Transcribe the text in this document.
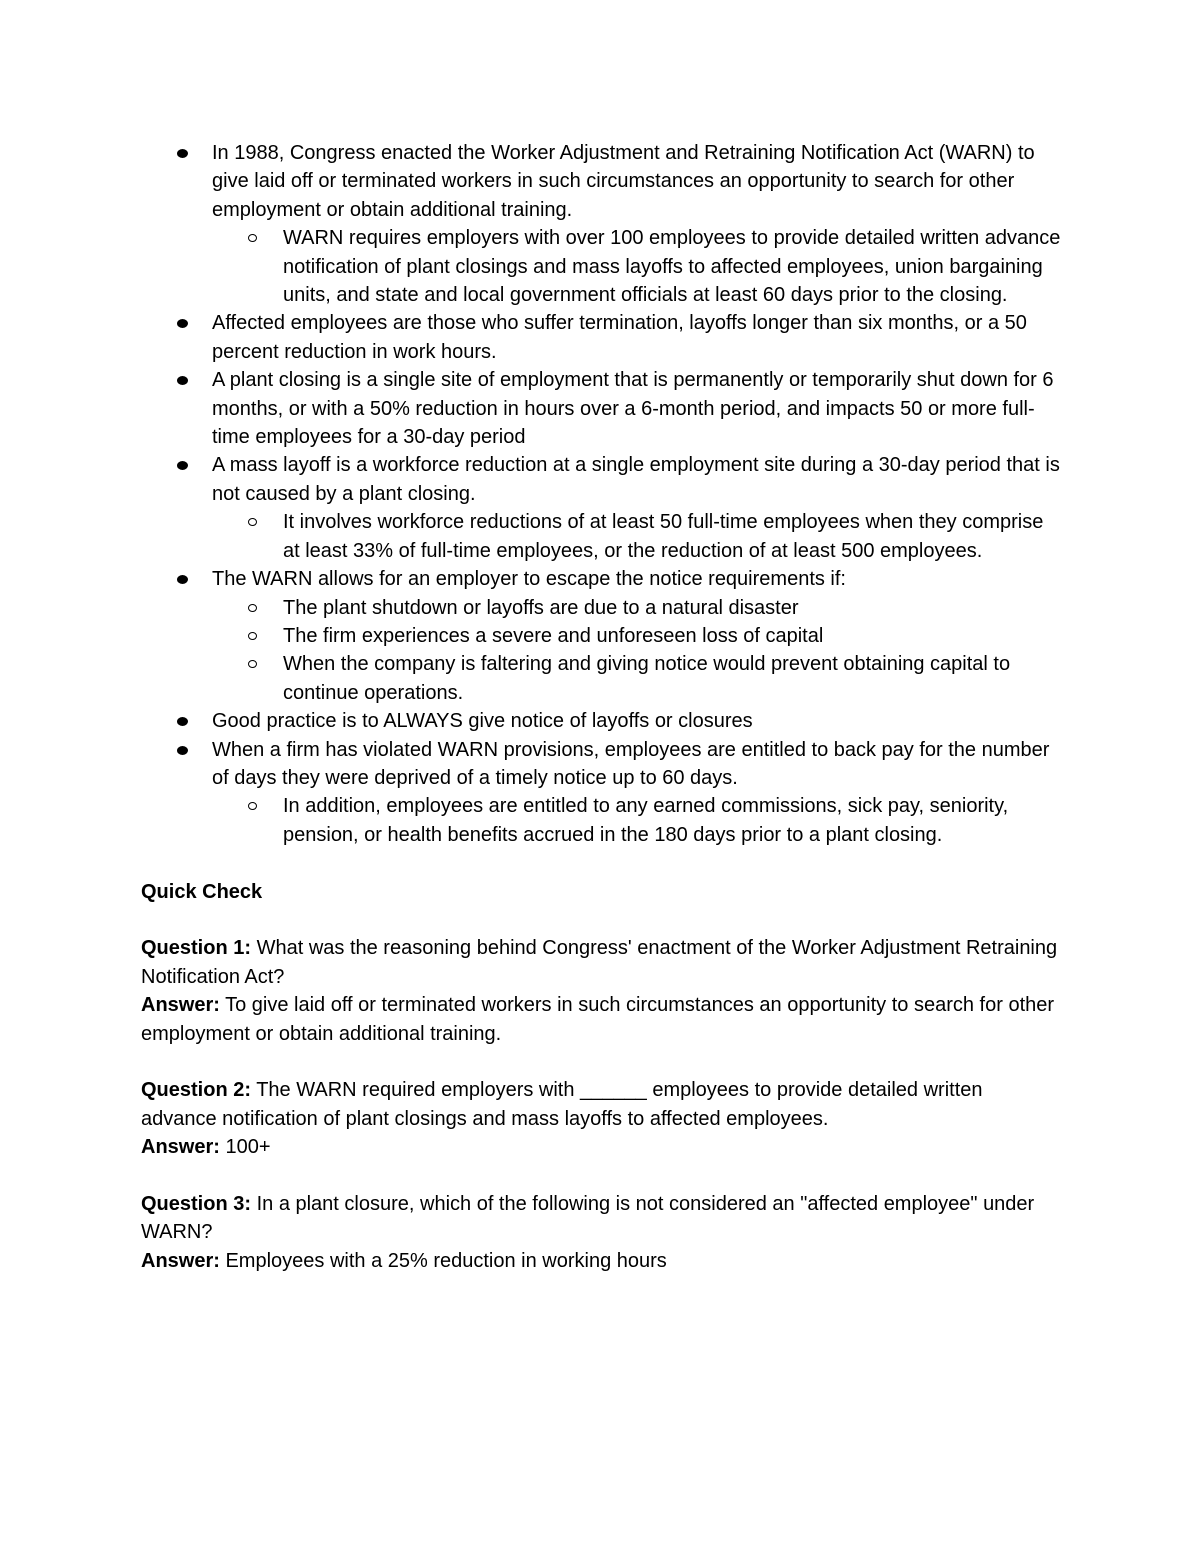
In 1988, Congress enacted the Worker Adjustment and Retraining Notification Act (WARN) to give laid off or terminated workers in such circumstances an opportunity to search for other employment or obtain additional training.
WARN requires employers with over 100 employees to provide detailed written advance notification of plant closings and mass layoffs to affected employees, union bargaining units, and state and local government officials at least 60 days prior to the closing.
Affected employees are those who suffer termination, layoffs longer than six months, or a 50 percent reduction in work hours.
A plant closing is a single site of employment that is permanently or temporarily shut down for 6 months, or with a 50% reduction in hours over a 6-month period, and impacts 50 or more full-time employees for a 30-day period
A mass layoff is a workforce reduction at a single employment site during a 30-day period that is not caused by a plant closing.
It involves workforce reductions of at least 50 full-time employees when they comprise at least 33% of full-time employees, or the reduction of at least 500 employees.
The WARN allows for an employer to escape the notice requirements if:
The plant shutdown or layoffs are due to a natural disaster
The firm experiences a severe and unforeseen loss of capital
When the company is faltering and giving notice would prevent obtaining capital to continue operations.
Good practice is to ALWAYS give notice of layoffs or closures
When a firm has violated WARN provisions, employees are entitled to back pay for the number of days they were deprived of a timely notice up to 60 days.
In addition, employees are entitled to any earned commissions, sick pay, seniority, pension, or health benefits accrued in the 180 days prior to a plant closing.

Quick Check

Question 1: What was the reasoning behind Congress' enactment of the Worker Adjustment Retraining Notification Act?

Answer: To give laid off or terminated workers in such circumstances an opportunity to search for other employment or obtain additional training.

Question 2: The WARN required employers with ______ employees to provide detailed written advance notification of plant closings and mass layoffs to affected employees.

Answer: 100+

Question 3: In a plant closure, which of the following is not considered an "affected employee" under WARN?

Answer: Employees with a 25% reduction in working hours
